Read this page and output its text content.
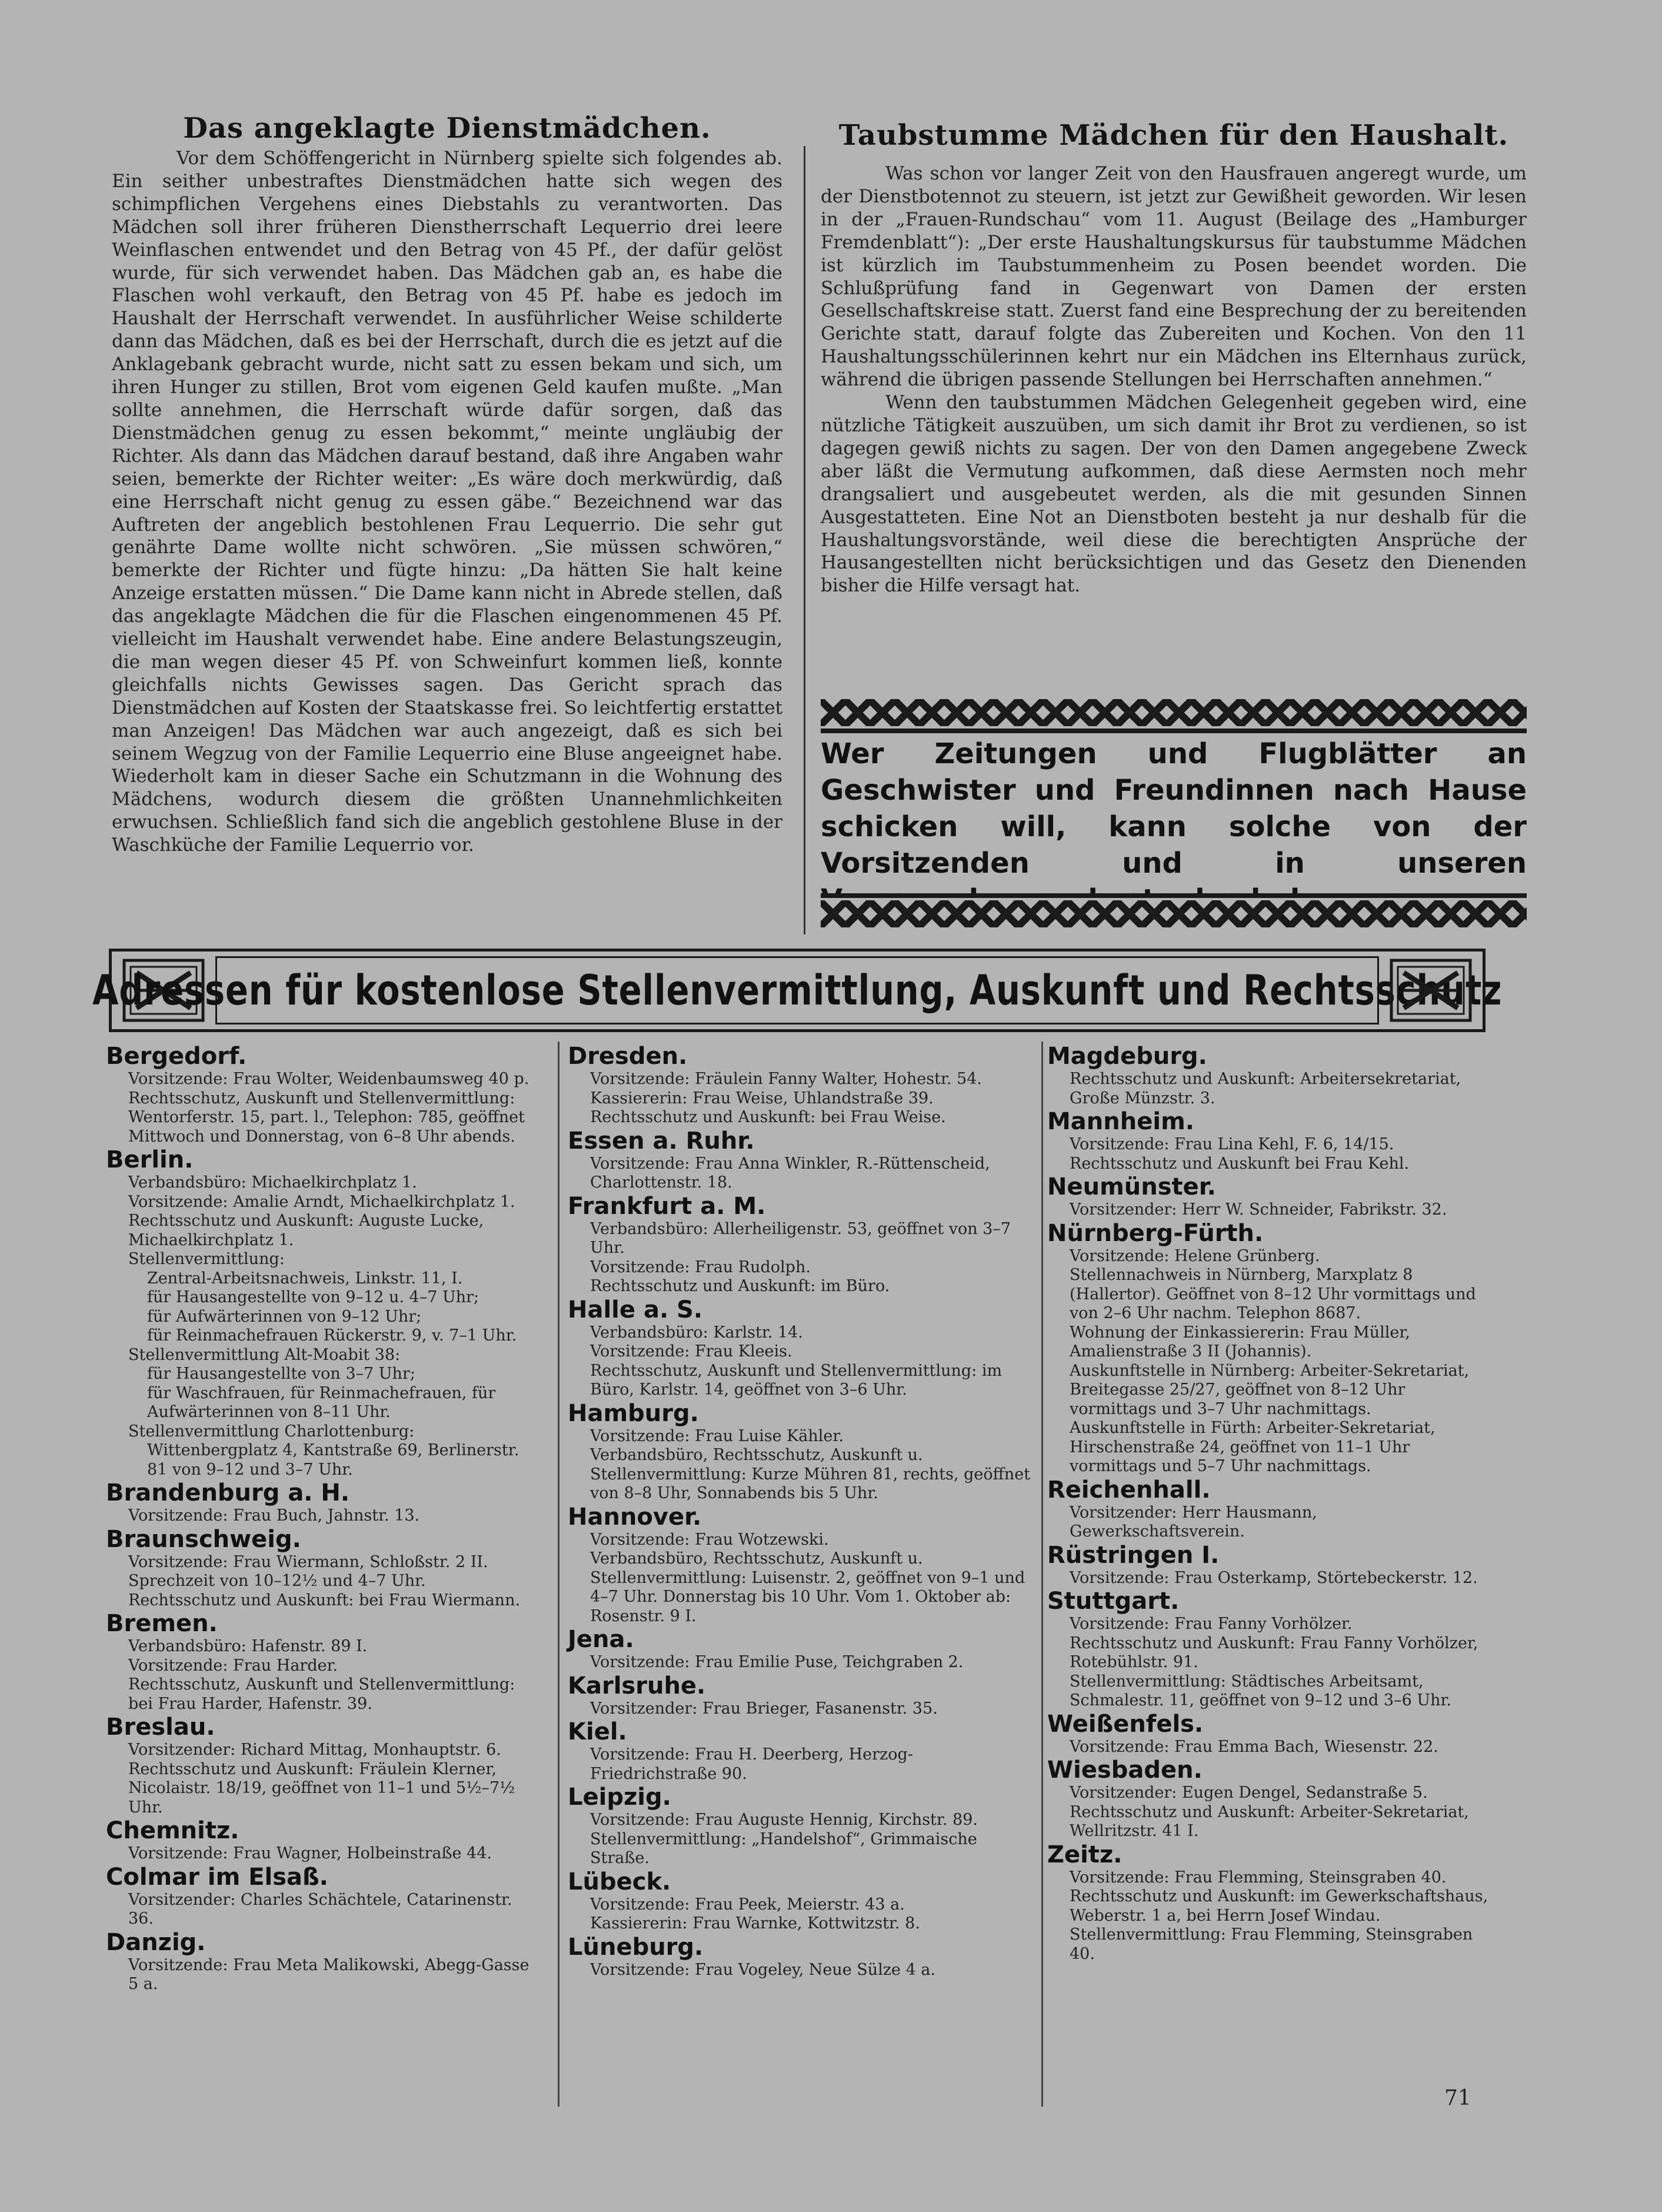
Das angeklagte Dienstmädchen.

Vor dem Schöffengericht in Nürnberg spielte sich folgendes ab. Ein seither unbestraftes Dienstmädchen hatte sich wegen des schimpflichen Vergehens eines Diebstahls zu verantworten. Das Mädchen soll ihrer früheren Dienstherrschaft Lequerrio drei leere Weinflaschen entwendet und den Betrag von 45 Pf., der dafür gelöst wurde, für sich verwendet haben. Das Mädchen gab an, es habe die Flaschen wohl verkauft, den Betrag von 45 Pf. habe es jedoch im Haushalt der Herrschaft verwendet. In ausführlicher Weise schilderte dann das Mädchen, daß es bei der Herrschaft, durch die es jetzt auf die Anklagebank gebracht wurde, nicht satt zu essen bekam und sich, um ihren Hunger zu stillen, Brot vom eigenen Geld kaufen mußte. „Man sollte annehmen, die Herrschaft würde dafür sorgen, daß das Dienstmädchen genug zu essen bekommt,“ meinte ungläubig der Richter. Als dann das Mädchen darauf bestand, daß ihre Angaben wahr seien, bemerkte der Richter weiter: „Es wäre doch merkwürdig, daß eine Herrschaft nicht genug zu essen gäbe.“ Bezeichnend war das Auftreten der angeblich bestohlenen Frau Lequerrio. Die sehr gut genährte Dame wollte nicht schwören. „Sie müssen schwören,“ bemerkte der Richter und fügte hinzu: „Da hätten Sie halt keine Anzeige erstatten müssen.“ Die Dame kann nicht in Abrede stellen, daß das angeklagte Mädchen die für die Flaschen eingenommenen 45 Pf. vielleicht im Haushalt verwendet habe. Eine andere Belastungszeugin, die man wegen dieser 45 Pf. von Schweinfurt kommen ließ, konnte gleichfalls nichts Gewisses sagen. Das Gericht sprach das Dienstmädchen auf Kosten der Staatskasse frei. So leichtfertig erstattet man Anzeigen! Das Mädchen war auch angezeigt, daß es sich bei seinem Wegzug von der Familie Lequerrio eine Bluse angeeignet habe. Wiederholt kam in dieser Sache ein Schutzmann in die Wohnung des Mädchens, wodurch diesem die größten Unannehmlichkeiten erwuchsen. Schließlich fand sich die angeblich gestohlene Bluse in der Waschküche der Familie Lequerrio vor.

Taubstumme Mädchen für den Haushalt.

Was schon vor langer Zeit von den Hausfrauen angeregt wurde, um der Dienstbotennot zu steuern, ist jetzt zur Gewißheit geworden. Wir lesen in der „Frauen-Rundschau“ vom 11. August (Beilage des „Hamburger Fremdenblatt“): „Der erste Haushaltungskursus für taubstumme Mädchen ist kürzlich im Taubstummenheim zu Posen beendet worden. Die Schlußprüfung fand in Gegenwart von Damen der ersten Gesellschaftskreise statt. Zuerst fand eine Besprechung der zu bereitenden Gerichte statt, darauf folgte das Zubereiten und Kochen. Von den 11 Haushaltungsschülerinnen kehrt nur ein Mädchen ins Elternhaus zurück, während die übrigen passende Stellungen bei Herrschaften annehmen.“

Wenn den taubstummen Mädchen Gelegenheit gegeben wird, eine nützliche Tätigkeit auszuüben, um sich damit ihr Brot zu verdienen, so ist dagegen gewiß nichts zu sagen. Der von den Damen angegebene Zweck aber läßt die Vermutung aufkommen, daß diese Aermsten noch mehr drangsaliert und ausgebeutet werden, als die mit gesunden Sinnen Ausgestatteten. Eine Not an Dienstboten besteht ja nur deshalb für die Haushaltungsvorstände, weil diese die berechtigten Ansprüche der Hausangestellten nicht berücksichtigen und das Gesetz den Dienenden bisher die Hilfe versagt hat.

Wer Zeitungen und Flugblätter an Geschwister und Freundinnen nach Hause schicken will, kann solche von der Vorsitzenden und in unseren

Adressen für kostenlose Stellenvermittlung, Auskunft und Rechtsschutz

Bergedorf.

Vorsitzende: Frau Wolter, Weidenbaumsweg 40 p.

Rechtsschutz, Auskunft und Stellenvermittlung: Wentorferstr. 15, part. l., Telephon: 785, geöffnet Mittwoch und Donnerstag, von 6–8 Uhr abends.

Berlin.

Verbandsbüro: Michaelkirchplatz 1.

Vorsitzende: Amalie Arndt, Michaelkirchplatz 1.

Rechtsschutz und Auskunft: Auguste Lucke, Michaelkirchplatz 1.

Stellenvermittlung:

Zentral-Arbeitsnachweis, Linkstr. 11, I.

für Hausangestellte von 9–12 u. 4–7 Uhr;

für Aufwärterinnen von 9–12 Uhr;

für Reinmachefrauen Rückerstr. 9, v. 7–1 Uhr.

Stellenvermittlung Alt-Moabit 38:

für Hausangestellte von 3–7 Uhr;

für Waschfrauen, für Reinmachefrauen, für Aufwärterinnen von 8–11 Uhr.

Stellenvermittlung Charlottenburg:

Wittenbergplatz 4, Kantstraße 69, Berlinerstr. 81 von 9–12 und 3–7 Uhr.

Brandenburg a. H.

Vorsitzende: Frau Buch, Jahnstr. 13.

Braunschweig.

Vorsitzende: Frau Wiermann, Schloßstr. 2 II. Sprechzeit von 10–12½ und 4–7 Uhr.

Rechtsschutz und Auskunft: bei Frau Wiermann.

Bremen.

Verbandsbüro: Hafenstr. 89 I.

Vorsitzende: Frau Harder.

Rechtsschutz, Auskunft und Stellenvermittlung: bei Frau Harder, Hafenstr. 39.

Breslau.

Vorsitzender: Richard Mittag, Monhauptstr. 6.

Rechtsschutz und Auskunft: Fräulein Klerner, Nicolaistr. 18/19, geöffnet von 11–1 und 5½–7½ Uhr.

Chemnitz.

Vorsitzende: Frau Wagner, Holbeinstraße 44.

Colmar im Elsaß.

Vorsitzender: Charles Schächtele, Catarinenstr. 36.

Danzig.

Vorsitzende: Frau Meta Malikowski, Abegg-Gasse 5 a.

Dresden.

Vorsitzende: Fräulein Fanny Walter, Hohestr. 54.

Kassiererin: Frau Weise, Uhlandstraße 39.

Rechtsschutz und Auskunft: bei Frau Weise.

Essen a. Ruhr.

Vorsitzende: Frau Anna Winkler, R.-Rüttenscheid, Charlottenstr. 18.

Frankfurt a. M.

Verbandsbüro: Allerheiligenstr. 53, geöffnet von 3–7 Uhr.

Vorsitzende: Frau Rudolph.

Rechtsschutz und Auskunft: im Büro.

Halle a. S.

Verbandsbüro: Karlstr. 14.

Vorsitzende: Frau Kleeis.

Rechtsschutz, Auskunft und Stellenvermittlung: im Büro, Karlstr. 14, geöffnet von 3–6 Uhr.

Hamburg.

Vorsitzende: Frau Luise Kähler.

Verbandsbüro, Rechtsschutz, Auskunft u. Stellenvermittlung: Kurze Mühren 81, rechts, geöffnet von 8–8 Uhr, Sonnabends bis 5 Uhr.

Hannover.

Vorsitzende: Frau Wotzewski.

Verbandsbüro, Rechtsschutz, Auskunft u. Stellenvermittlung: Luisenstr. 2, geöffnet von 9–1 und 4–7 Uhr. Donnerstag bis 10 Uhr. Vom 1. Oktober ab: Rosenstr. 9 I.

Jena.

Vorsitzende: Frau Emilie Puse, Teichgraben 2.

Karlsruhe.

Vorsitzender: Frau Brieger, Fasanenstr. 35.

Kiel.

Vorsitzende: Frau H. Deerberg, Herzog-Friedrichstraße 90.

Leipzig.

Vorsitzende: Frau Auguste Hennig, Kirchstr. 89.

Stellenvermittlung: „Handelshof“, Grimmaische Straße.

Lübeck.

Vorsitzende: Frau Peek, Meierstr. 43 a.

Kassiererin: Frau Warnke, Kottwitzstr. 8.

Lüneburg.

Vorsitzende: Frau Vogeley, Neue Sülze 4 a.

Magdeburg.

Rechtsschutz und Auskunft: Arbeitersekretariat, Große Münzstr. 3.

Mannheim.

Vorsitzende: Frau Lina Kehl, F. 6, 14/15.

Rechtsschutz und Auskunft bei Frau Kehl.

Neumünster.

Vorsitzender: Herr W. Schneider, Fabrikstr. 32.

Nürnberg-Fürth.

Vorsitzende: Helene Grünberg.

Stellennachweis in Nürnberg, Marxplatz 8 (Hallertor). Geöffnet von 8–12 Uhr vormittags und von 2–6 Uhr nachm. Telephon 8687.

Wohnung der Einkassiererin: Frau Müller, Amalienstraße 3 II (Johannis).

Auskunftstelle in Nürnberg: Arbeiter-Sekretariat, Breitegasse 25/27, geöffnet von 8–12 Uhr vormittags und 3–7 Uhr nachmittags.

Auskunftstelle in Fürth: Arbeiter-Sekretariat, Hirschenstraße 24, geöffnet von 11–1 Uhr vormittags und 5–7 Uhr nachmittags.

Reichenhall.

Vorsitzender: Herr Hausmann, Gewerkschaftsverein.

Rüstringen I.

Vorsitzende: Frau Osterkamp, Störtebeckerstr. 12.

Stuttgart.

Vorsitzende: Frau Fanny Vorhölzer.

Rechtsschutz und Auskunft: Frau Fanny Vorhölzer, Rotebühlstr. 91.

Stellenvermittlung: Städtisches Arbeitsamt, Schmalestr. 11, geöffnet von 9–12 und 3–6 Uhr.

Weißenfels.

Vorsitzende: Frau Emma Bach, Wiesenstr. 22.

Wiesbaden.

Vorsitzender: Eugen Dengel, Sedanstraße 5.

Rechtsschutz und Auskunft: Arbeiter-Sekretariat, Wellritzstr. 41 I.

Zeitz.

Vorsitzende: Frau Flemming, Steinsgraben 40.

Rechtsschutz und Auskunft: im Gewerkschaftshaus, Weberstr. 1 a, bei Herrn Josef Windau.

Stellenvermittlung: Frau Flemming, Steinsgraben 40.

71
